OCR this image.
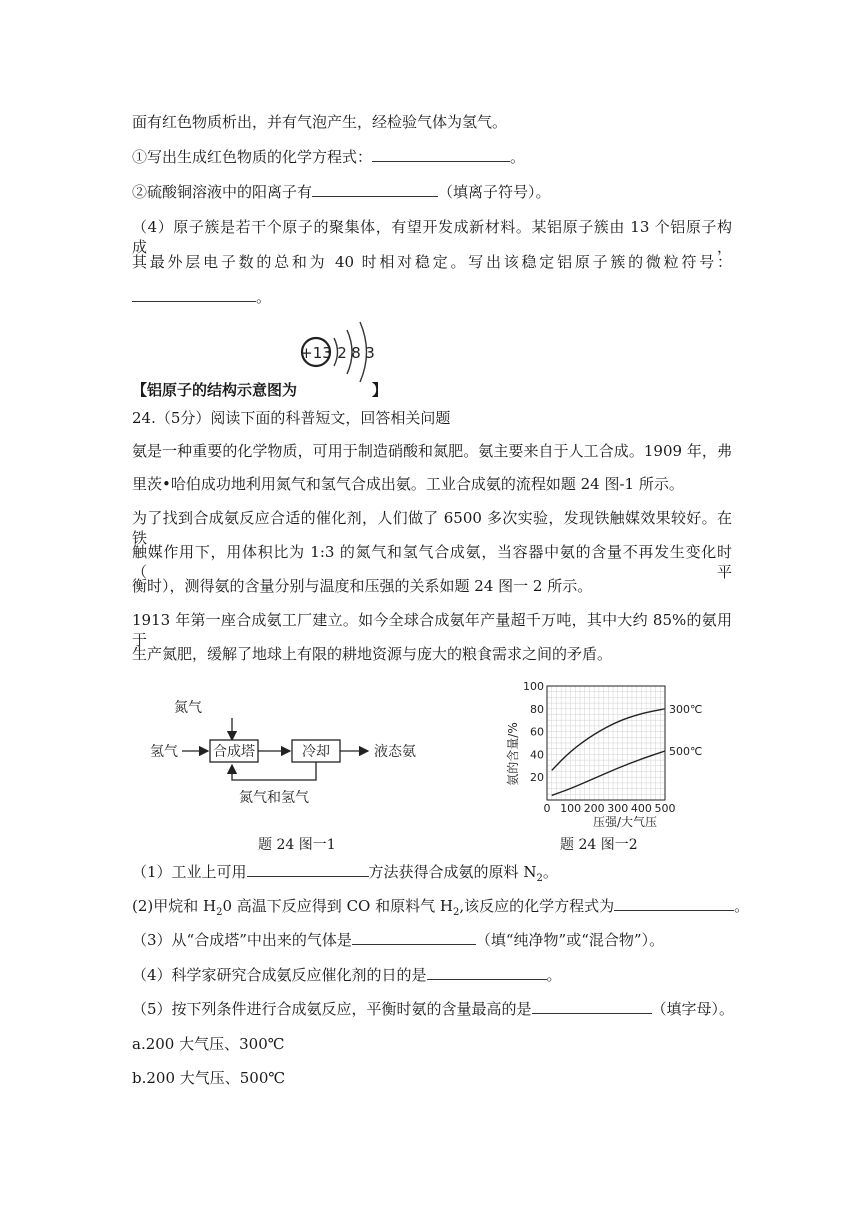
面有红色物质析出，并有气泡产生，经检验气体为氢气。
①写出生成红色物质的化学方程式：	。
②硫酸铜溶液中的阳离子有	（填离子符号）。
（4）原子簇是若干个原子的聚集体，有望开发成新材料。某铝原子簇由 13 个铝原子构成，
其最外层电子数的总和为 40 时相对稳定。写出该稳定铝原子簇的微粒符号：
。
+13 2 8 3
【铝原子的结构示意图为	】
24.（5分）阅读下面的科普短文，回答相关问题
氨是一种重要的化学物质，可用于制造硝酸和氮肥。氨主要来自于人工合成。1909 年，弗
里茨•哈伯成功地利用氮气和氢气合成出氨。工业合成氨的流程如题 24 图-1 所示。
为了找到合成氨反应合适的催化剂，人们做了 6500 多次实验，发现铁触媒效果较好。在铁
触媒作用下，用体积比为 1:3 的氮气和氢气合成氨，当容器中氨的含量不再发生变化时（平
衡时），测得氨的含量分别与温度和压强的关系如题 24 图一 2 所示。
1913 年第一座合成氨工厂建立。如今全球合成氨年产量超千万吨，其中大约 85%的氨用于
生产氮肥，缓解了地球上有限的耕地资源与庞大的粮食需求之间的矛盾。
氮气
氢气	合成塔	冷却	液态氨
氮气和氢气
题 24 图一1
0 100 200 300 400 500
20
40
60
80
100
300℃
500℃
氨的含量/%
压强/大气压
题 24 图一2
（1）工业上可用	方法获得合成氨的原料 $N_2$。
(2)甲烷和 $H_20$ 高温下反应得到 CO 和原料气 $H_2$,该反应的化学方程式为	。
（3）从“合成塔”中出来的气体是	（填“纯净物”或“混合物”）。
（4）科学家研究合成氨反应催化剂的日的是	。
（5）按下列条件进行合成氨反应，平衡时氨的含量最高的是	（填字母）。
a.200 大气压、300℃
b.200 大气压、500℃
